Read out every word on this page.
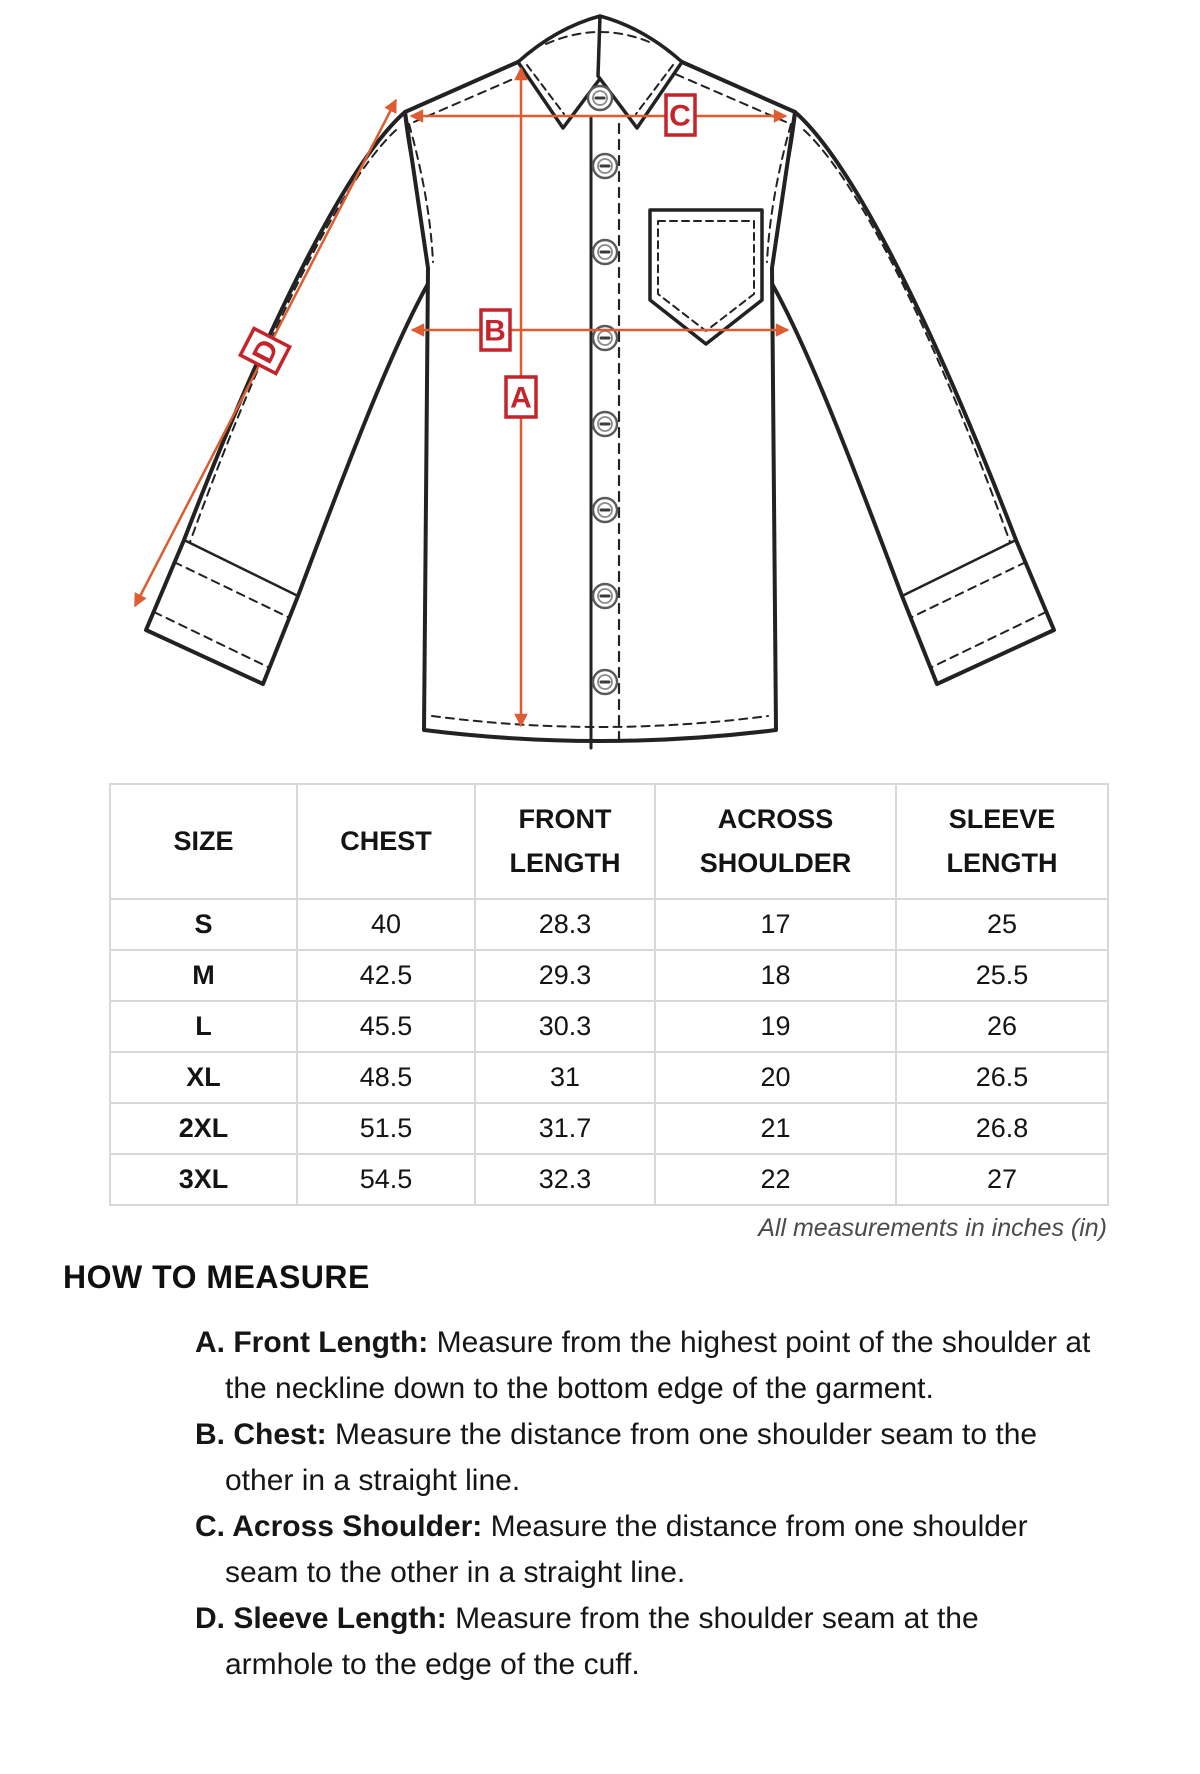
C
B
A
D
SIZE	CHEST	FRONT LENGTH	ACROSS SHOULDER	SLEEVE LENGTH
S	40	28.3	17	25
M	42.5	29.3	18	25.5
L	45.5	30.3	19	26
XL	48.5	31	20	26.5
2XL	51.5	31.7	21	26.8
3XL	54.5	32.3	22	27
All measurements in inches (in)
HOW TO MEASURE

A. Front Length: Measure from the highest point of the shoulder at the neckline down to the bottom edge of the garment.

B. Chest: Measure the distance from one shoulder seam to the other in a straight line.

C. Across Shoulder: Measure the distance from one shoulder seam to the other in a straight line.

D. Sleeve Length: Measure from the shoulder seam at the armhole to the edge of the cuff.
